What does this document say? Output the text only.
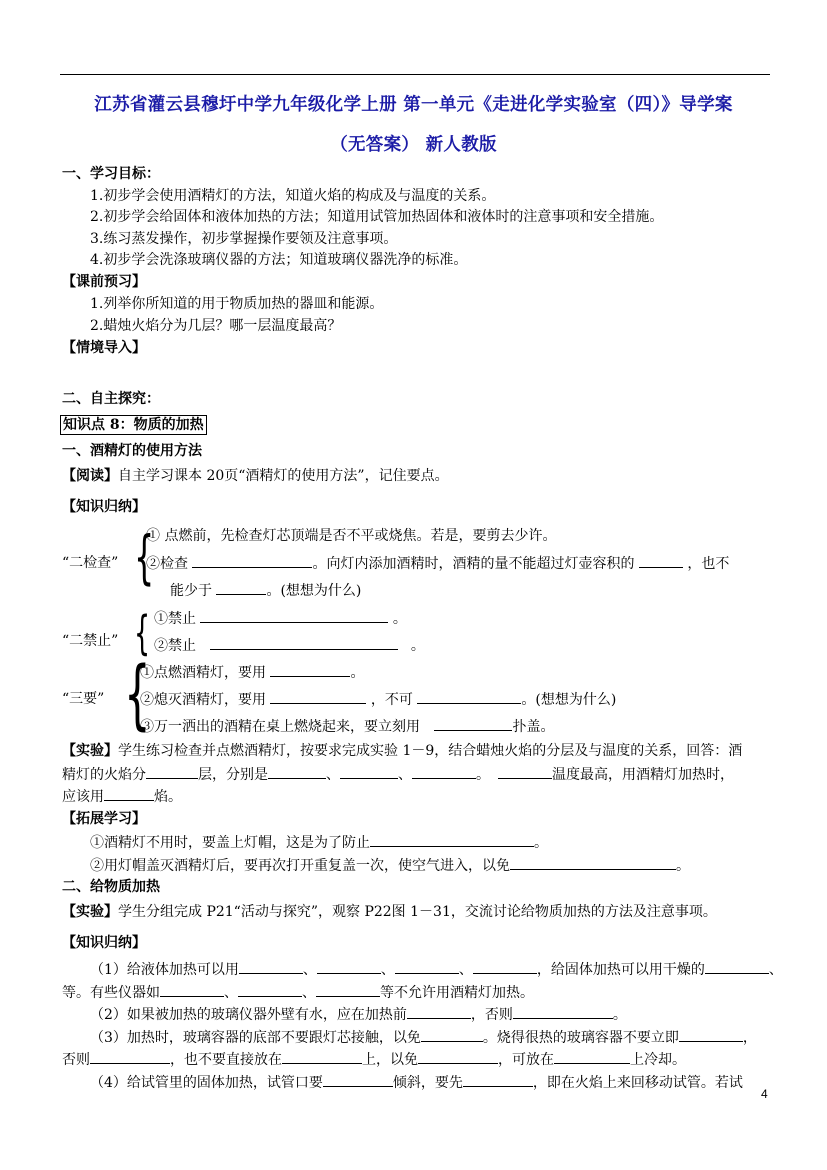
江苏省灌云县穆圩中学九年级化学上册 第一单元《走进化学实验室（四）》导学案
（无答案） 新人教版
一、学习目标：
1.初步学会使用酒精灯的方法，知道火焰的构成及与温度的关系。
2.初步学会给固体和液体加热的方法；知道用试管加热固体和液体时的注意事项和安全措施。
3.练习蒸发操作，初步掌握操作要领及注意事项。
4.初步学会洗涤玻璃仪器的方法；知道玻璃仪器洗净的标准。
【课前预习】
1.列举你所知道的用于物质加热的器皿和能源。
2.蜡烛火焰分为几层？哪一层温度最高？
【情境导入】
二、自主探究：
知识点 8：物质的加热
一、酒精灯的使用方法
【阅读】自主学习课本 20页“酒精灯的使用方法”，记住要点。
【知识归纳】
“二检查” {
① 点燃前，先检查灯芯顶端是否不平或烧焦。若是，要剪去少许。
②检查	。向灯内添加酒精时，酒精的量不能超过灯壶容积的	，也不
能少于	。(想想为什么)
“二禁止” { ①禁止	。
②禁止	。
“三要” {
①点燃酒精灯，要用	。
②熄灭酒精灯，要用	，不可	。(想想为什么)
③万一洒出的酒精在桌上燃烧起来，要立刻用	扑盖。
【实验】学生练习检查并点燃酒精灯，按要求完成实验 1－9，结合蜡烛火焰的分层及与温度的关系，回答：酒
精灯的火焰分	层，分别是	、	、	。	温度最高，用酒精灯加热时，
应该用	焰。
【拓展学习】
①酒精灯不用时，要盖上灯帽，这是为了防止	。
②用灯帽盖灭酒精灯后，要再次打开重复盖一次，使空气进入，以免	。
二、给物质加热
【实验】学生分组完成 P21“活动与探究”，观察 P22图 1－31，交流讨论给物质加热的方法及注意事项。
【知识归纳】
（1）给液体加热可以用	、	、	、	，给固体加热可以用干燥的	、
等。有些仪器如	、	、	等不允许用酒精灯加热。
（2）如果被加热的玻璃仪器外壁有水，应在加热前	，否则	。
（3）加热时，玻璃容器的底部不要跟灯芯接触，以免	。烧得很热的玻璃容器不要立即	，
否则	，也不要直接放在	上，以免	，可放在	上冷却。
（4）给试管里的固体加热，试管口要	倾斜，要先	，即在火焰上来回移动试管。若试
4
